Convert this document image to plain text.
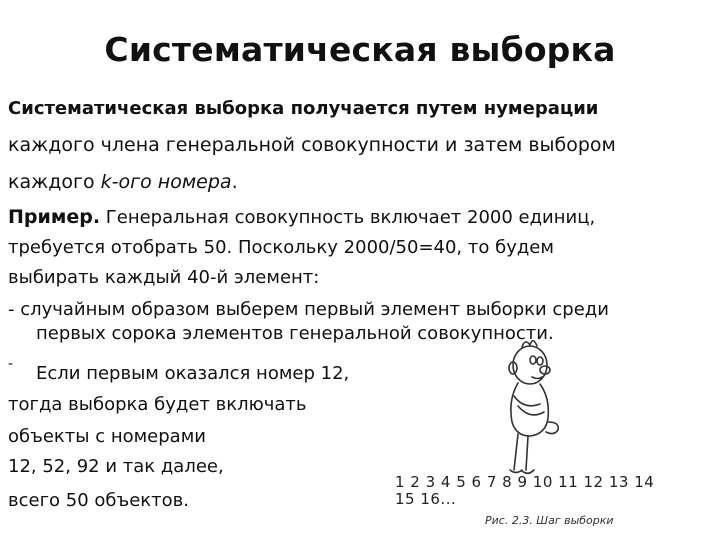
Систематическая выборка
Систематическая выборка получается путем нумерации
каждого члена генеральной совокупности и затем выбором
каждого k-ого номера.
Пример. Генеральная совокупность включает 2000 единиц,
требуется отобрать 50. Поскольку 2000/50=40, то будем
выбирать каждый 40-й элемент:
- случайным образом выберем первый элемент выборки среди
первых сорока элементов генеральной совокупности.
- Если первым оказался номер 12,
тогда выборка будет включать
объекты с номерами
12, 52, 92 и так далее,
всего 50 объектов.
1 2 3 4 5 6 7 8 9 10 11 12 13 14
15 16...
Рис. 2.3. Шаг выборки
